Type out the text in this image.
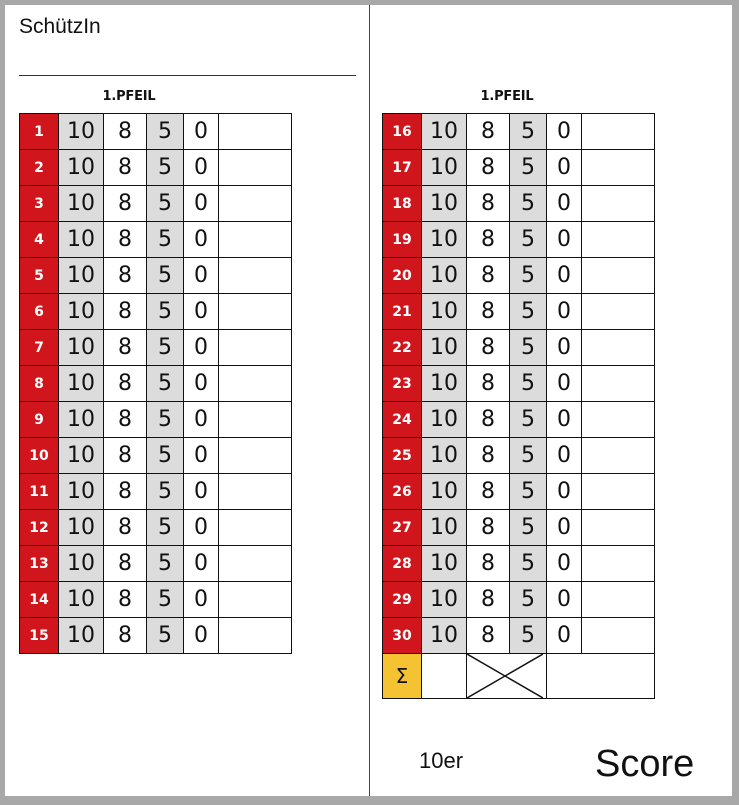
SchützIn
1.PFEIL	1.PFEIL
1	10	8	5	0	
2	10	8	5	0	
3	10	8	5	0	
4	10	8	5	0	
5	10	8	5	0	
6	10	8	5	0	
7	10	8	5	0	
8	10	8	5	0	
9	10	8	5	0	
10	10	8	5	0	
11	10	8	5	0	
12	10	8	5	0	
13	10	8	5	0	
14	10	8	5	0	
15	10	8	5	0	
16	10	8	5	0	
17	10	8	5	0	
18	10	8	5	0	
19	10	8	5	0	
20	10	8	5	0	
21	10	8	5	0	
22	10	8	5	0	
23	10	8	5	0	
24	10	8	5	0	
25	10	8	5	0	
26	10	8	5	0	
27	10	8	5	0	
28	10	8	5	0	
29	10	8	5	0	
30	10	8	5	0	
Σ		

10er	Score
